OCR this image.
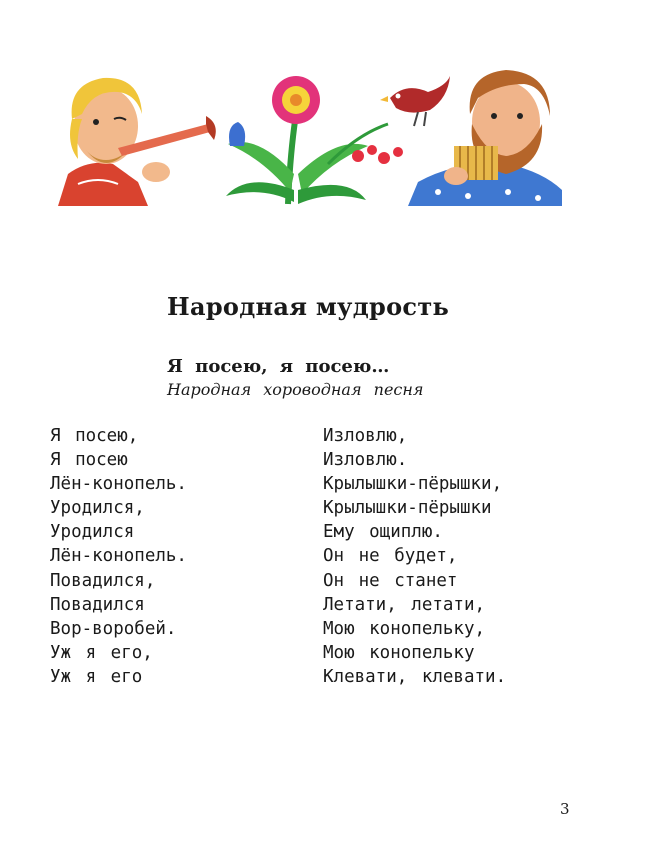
Народная мудрость
Я посею, я посею…
Народная хороводная песня
Я посею,
Я посею
Лён-конопель.
Уродился,
Уродился
Лён-конопель.
Повадился,
Повадился
Вор-воробей.
Уж я его,
Уж я его
Изловлю,
Изловлю.
Крылышки-пёрышки,
Крылышки-пёрышки
Ему ощиплю.
Он не будет,
Он не станет
Летати, летати,
Мою конопельку,
Мою конопельку
Клевати, клевати.
3
